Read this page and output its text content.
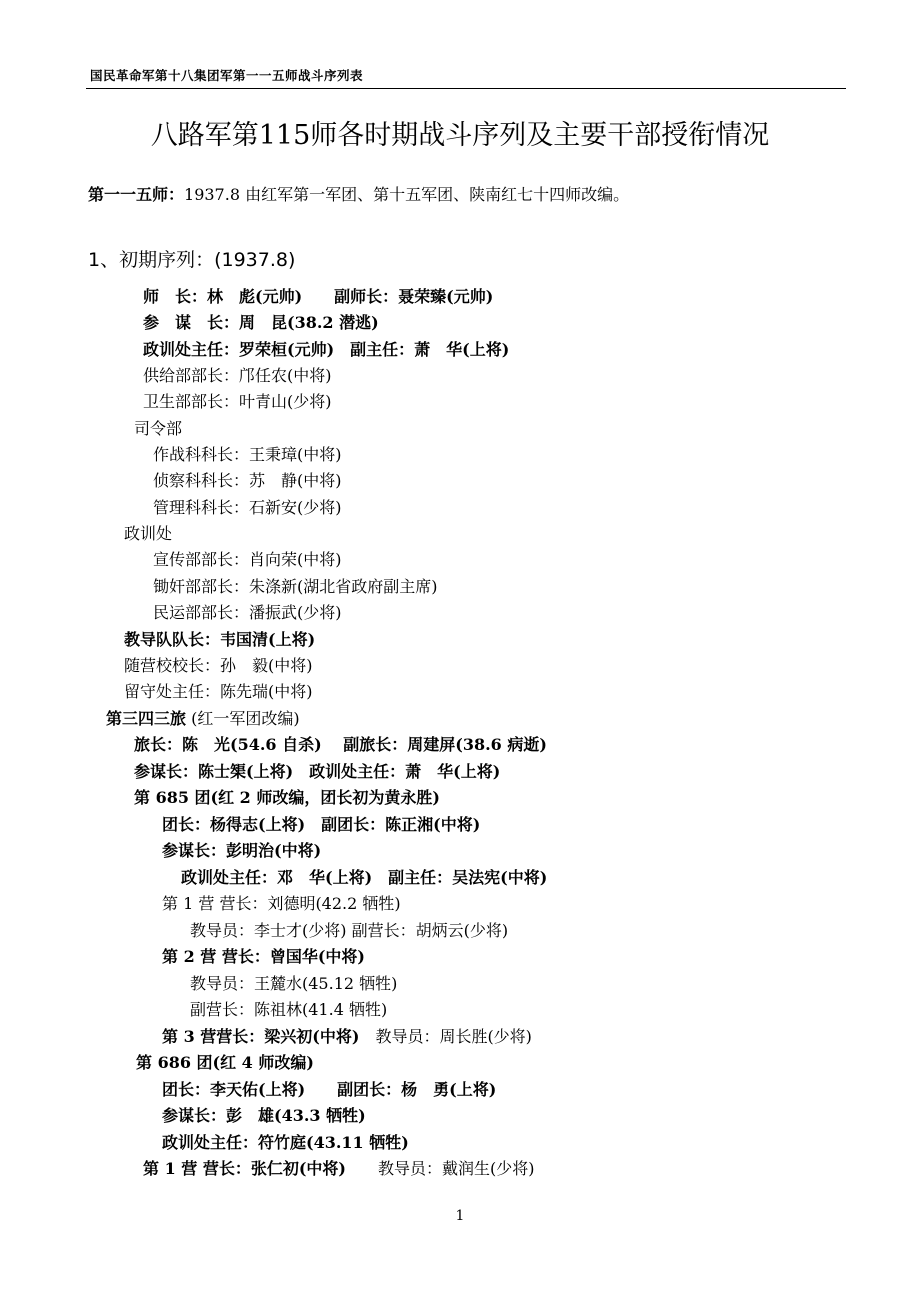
国民革命军第十八集团军第一一五师战斗序列表
八路军第115师各时期战斗序列及主要干部授衔情况
第一一五师：1937.8 由红军第一军团、第十五军团、陕南红七十四师改编。
1、初期序列：(1937.8)
师　长：林　彪(元帅)　　副师长：聂荣臻(元帅)
参　谋　长：周　昆(38.2 潜逃)
政训处主任：罗荣桓(元帅)　副主任：萧　华(上将)
供给部部长：邝任农(中将)
卫生部部长：叶青山(少将)
司令部
作战科科长：王秉璋(中将)
侦察科科长：苏　静(中将)
管理科科长：石新安(少将)
政训处
宣传部部长：肖向荣(中将)
锄奸部部长：朱涤新(湖北省政府副主席)
民运部部长：潘振武(少将)
教导队队长：韦国清(上将)
随营校校长：孙　毅(中将)
留守处主任：陈先瑞(中将)
第三四三旅 (红一军团改编)
旅长：陈　光(54.6 自杀)　 副旅长：周建屏(38.6 病逝)
参谋长：陈士榘(上将)　政训处主任：萧　华(上将)
第 685 团(红 2 师改编，团长初为黄永胜)
团长：杨得志(上将)　副团长：陈正湘(中将)
参谋长：彭明治(中将)
政训处主任：邓　华(上将)　副主任：吴法宪(中将)
第 1 营 营长：刘德明(42.2 牺牲)
教导员：李士才(少将) 副营长：胡炳云(少将)
第 2 营 营长：曾国华(中将)
教导员：王麓水(45.12 牺牲)
副营长：陈祖林(41.4 牺牲)
第 3 营营长：梁兴初(中将)　 教导员：周长胜(少将)
第 686 团(红 4 师改编)
团长：李天佑(上将)　　副团长：杨　勇(上将)
参谋长：彭　雄(43.3 牺牲)
政训处主任：符竹庭(43.11 牺牲)
第 1 营 营长：张仁初(中将)　　 教导员：戴润生(少将)
1
